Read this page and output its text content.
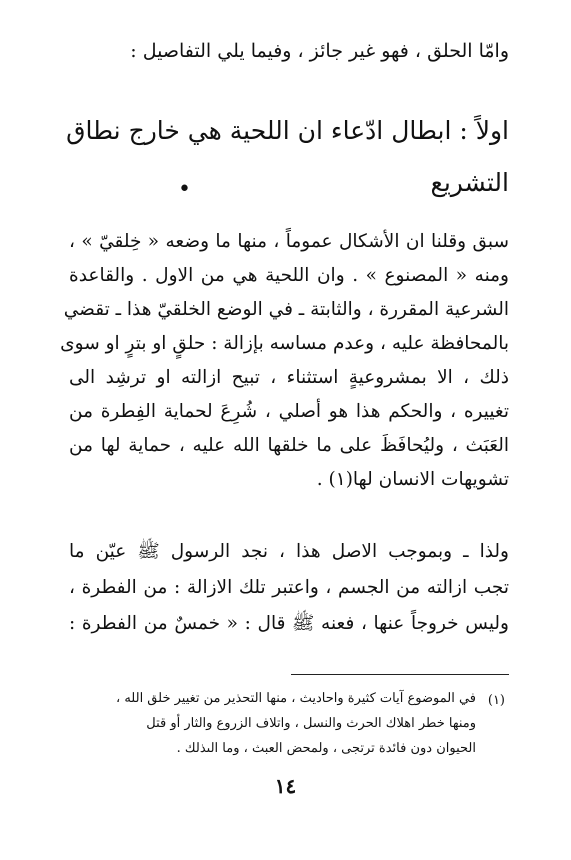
وامّا الحلق ، فهو غير جائز ، وفيما يلي التفاصيل :
اولاً : ابطال ادّعاء ان اللحية هي خارج نطاق
التشريع
•
سبق وقلنا ان الأشكال عموماً ، منها ما وضعه « خِلقيّ » ،
ومنه « المصنوع » . وان اللحية هي من الاول . والقاعدة
الشرعية المقررة ، والثابتة ـ في الوضع الخلقيّ هذا ـ تقضي
بالمحافظة عليه ، وعدم مساسه بإزالة : حلقٍ او بترٍ او سوى
ذلك ، الا بمشروعيةٍ استثناء ، تبيح ازالته او ترشِد الى
تغييره ، والحكم هذا هو أصلي ، شُرِعَ لحماية الفِطرة من
العَبَث ، وليُحافَظَ على ما خلقها الله عليه ، حماية لها من
تشويهات الانسان لها(١) .
ولذا ـ وبموجب الاصل هذا ، نجد الرسول ﷺ عيّن ما
تجب ازالته من الجسم ، واعتبر تلك الازالة : من الفطرة ،
وليس خروجاً عنها ، فعنه ﷺ قال : « خمسٌ من الفطرة :
(١)
في الموضوع آيات كثيرة واحاديث ، منها التحذير من تغيير خلق الله ،
ومنها خطر اهلاك الحرث والنسل ، واتلاف الزروع والثار أو قتل
الحيوان دون فائدة ترتجى ، ولمحض العبث ، وما الىذلك .
١٤
